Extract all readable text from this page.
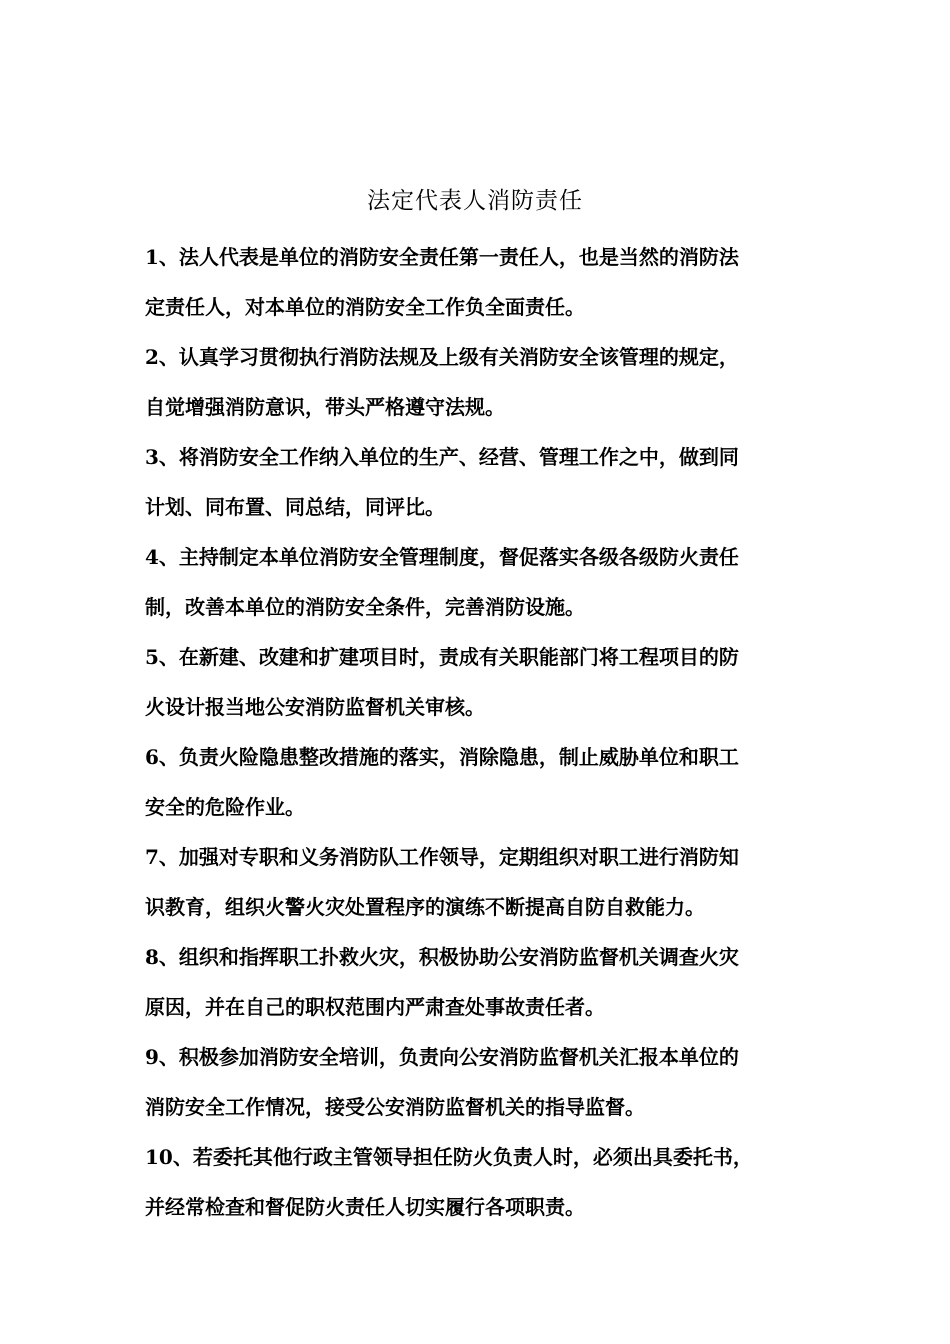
法定代表人消防责任
1、法人代表是单位的消防安全责任第一责任人，也是当然的消防法
定责任人，对本单位的消防安全工作负全面责任。
2、认真学习贯彻执行消防法规及上级有关消防安全该管理的规定，
自觉增强消防意识，带头严格遵守法规。
3、将消防安全工作纳入单位的生产、经营、管理工作之中，做到同
计划、同布置、同总结，同评比。
4、主持制定本单位消防安全管理制度，督促落实各级各级防火责任
制，改善本单位的消防安全条件，完善消防设施。
5、在新建、改建和扩建项目时，责成有关职能部门将工程项目的防
火设计报当地公安消防监督机关审核。
6、负责火险隐患整改措施的落实，消除隐患，制止威胁单位和职工
安全的危险作业。
7、加强对专职和义务消防队工作领导，定期组织对职工进行消防知
识教育，组织火警火灾处置程序的演练不断提高自防自救能力。
8、组织和指挥职工扑救火灾，积极协助公安消防监督机关调查火灾
原因，并在自己的职权范围内严肃查处事故责任者。
9、积极参加消防安全培训，负责向公安消防监督机关汇报本单位的
消防安全工作情况，接受公安消防监督机关的指导监督。
10、若委托其他行政主管领导担任防火负责人时，必须出具委托书，
并经常检查和督促防火责任人切实履行各项职责。
